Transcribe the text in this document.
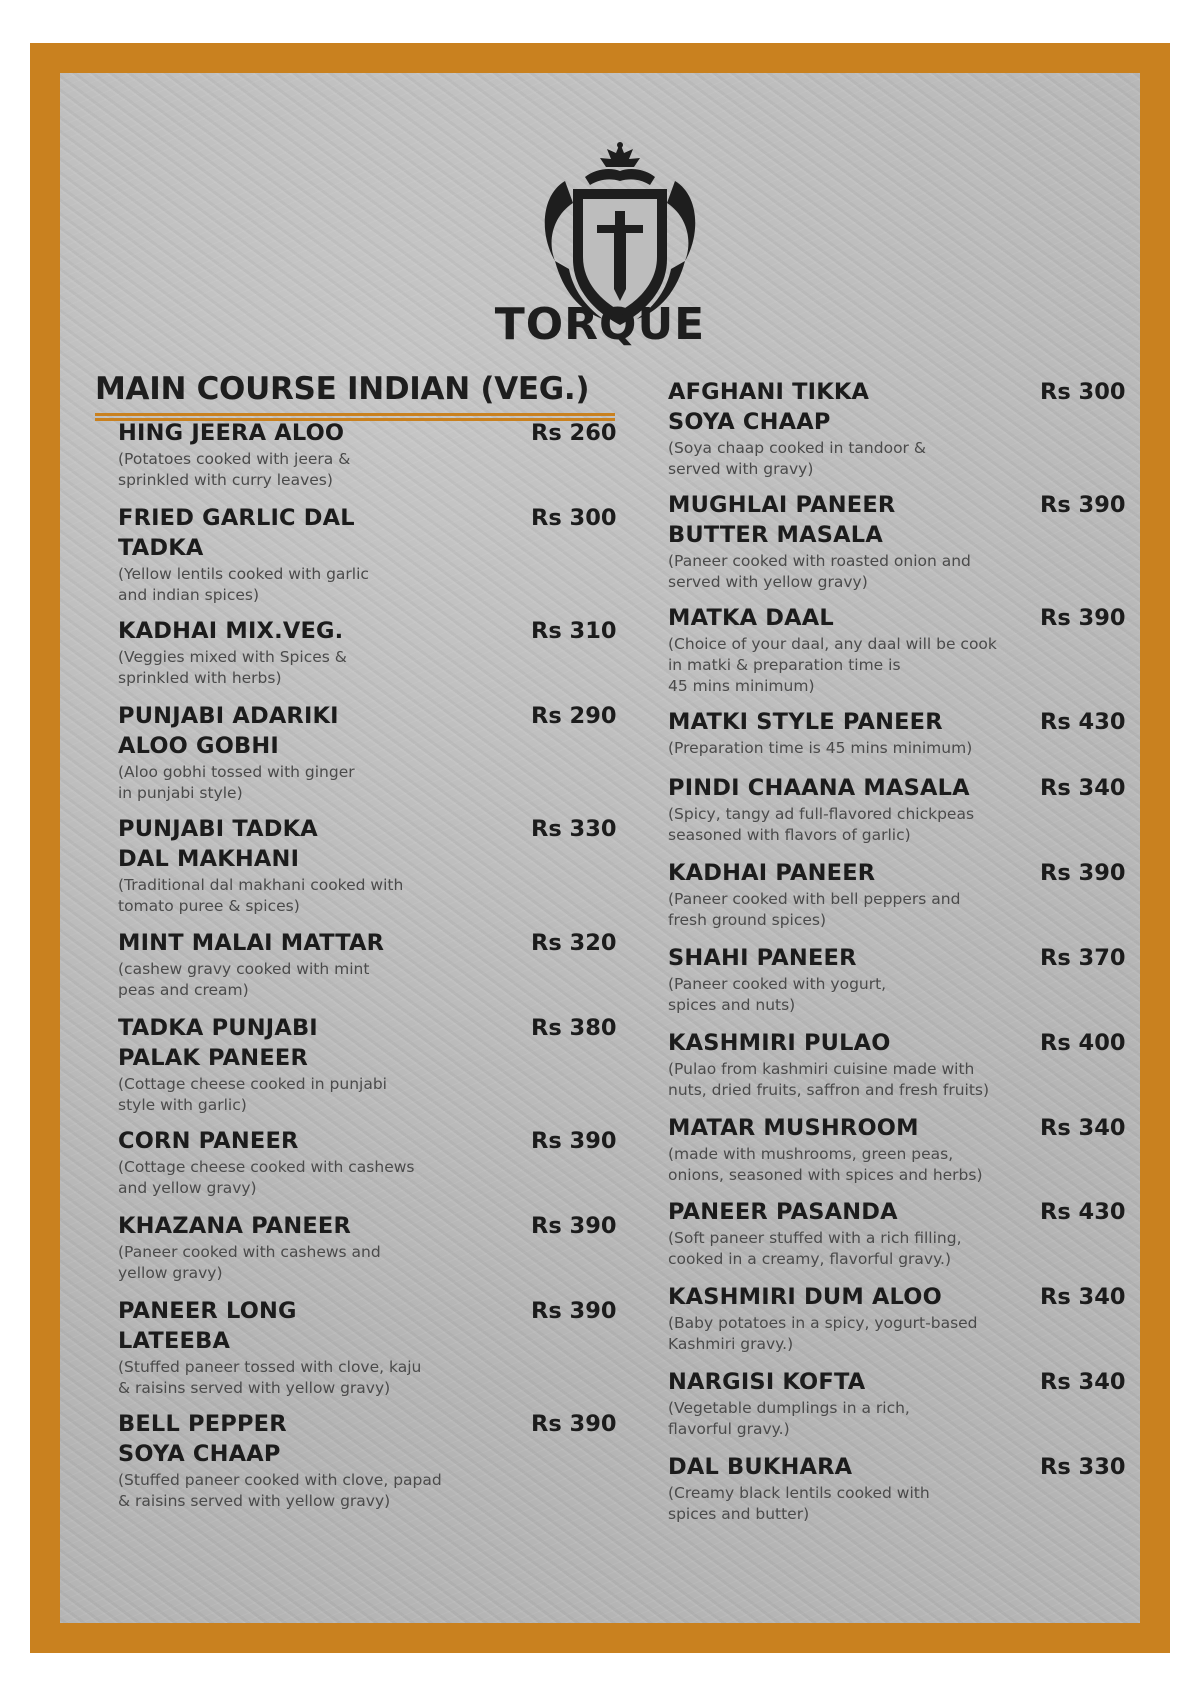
TORQUE
MAIN COURSE INDIAN (VEG.)
HING JEERA ALOO	Rs 260
(Potatoes cooked with jeera &
sprinkled with curry leaves)
FRIED GARLIC DAL
TADKA
Rs 300
(Yellow lentils cooked with garlic
and indian spices)
KADHAI MIX.VEG.	Rs 310
(Veggies mixed with Spices &
sprinkled with herbs)
PUNJABI ADARIKI
ALOO GOBHI
Rs 290
(Aloo gobhi tossed with ginger
in punjabi style)
PUNJABI TADKA
DAL MAKHANI
Rs 330
(Traditional dal makhani cooked with
tomato puree & spices)
MINT MALAI MATTAR	Rs 320
(cashew gravy cooked with mint
peas and cream)
TADKA PUNJABI
PALAK PANEER
Rs 380
(Cottage cheese cooked in punjabi
style with garlic)
CORN PANEER	Rs 390
(Cottage cheese cooked with cashews
and yellow gravy)
KHAZANA PANEER	Rs 390
(Paneer cooked with cashews and
yellow gravy)
PANEER LONG
LATEEBA
Rs 390
(Stuffed paneer tossed with clove, kaju
& raisins served with yellow gravy)
BELL PEPPER
SOYA CHAAP
Rs 390
(Stuffed paneer cooked with clove, papad
& raisins served with yellow gravy)
AFGHANI TIKKA
SOYA CHAAP
Rs 300
(Soya chaap cooked in tandoor &
served with gravy)
MUGHLAI PANEER
BUTTER MASALA
Rs 390
(Paneer cooked with roasted onion and
served with yellow gravy)
MATKA DAAL	Rs 390
(Choice of your daal, any daal will be cook
in matki & preparation time is
45 mins minimum)
MATKI STYLE PANEER	Rs 430
(Preparation time is 45 mins minimum)
PINDI CHAANA MASALA	Rs 340
(Spicy, tangy ad full-flavored chickpeas
seasoned with flavors of garlic)
KADHAI PANEER	Rs 390
(Paneer cooked with bell peppers and
fresh ground spices)
SHAHI PANEER	Rs 370
(Paneer cooked with yogurt,
spices and nuts)
KASHMIRI PULAO	Rs 400
(Pulao from kashmiri cuisine made with
nuts, dried fruits, saffron and fresh fruits)
MATAR MUSHROOM	Rs 340
(made with mushrooms, green peas,
onions, seasoned with spices and herbs)
PANEER PASANDA	Rs 430
(Soft paneer stuffed with a rich filling,
cooked in a creamy, flavorful gravy.)
KASHMIRI DUM ALOO	Rs 340
(Baby potatoes in a spicy, yogurt-based
Kashmiri gravy.)
NARGISI KOFTA	Rs 340
(Vegetable dumplings in a rich,
flavorful gravy.)
DAL BUKHARA	Rs 330
(Creamy black lentils cooked with
spices and butter)
